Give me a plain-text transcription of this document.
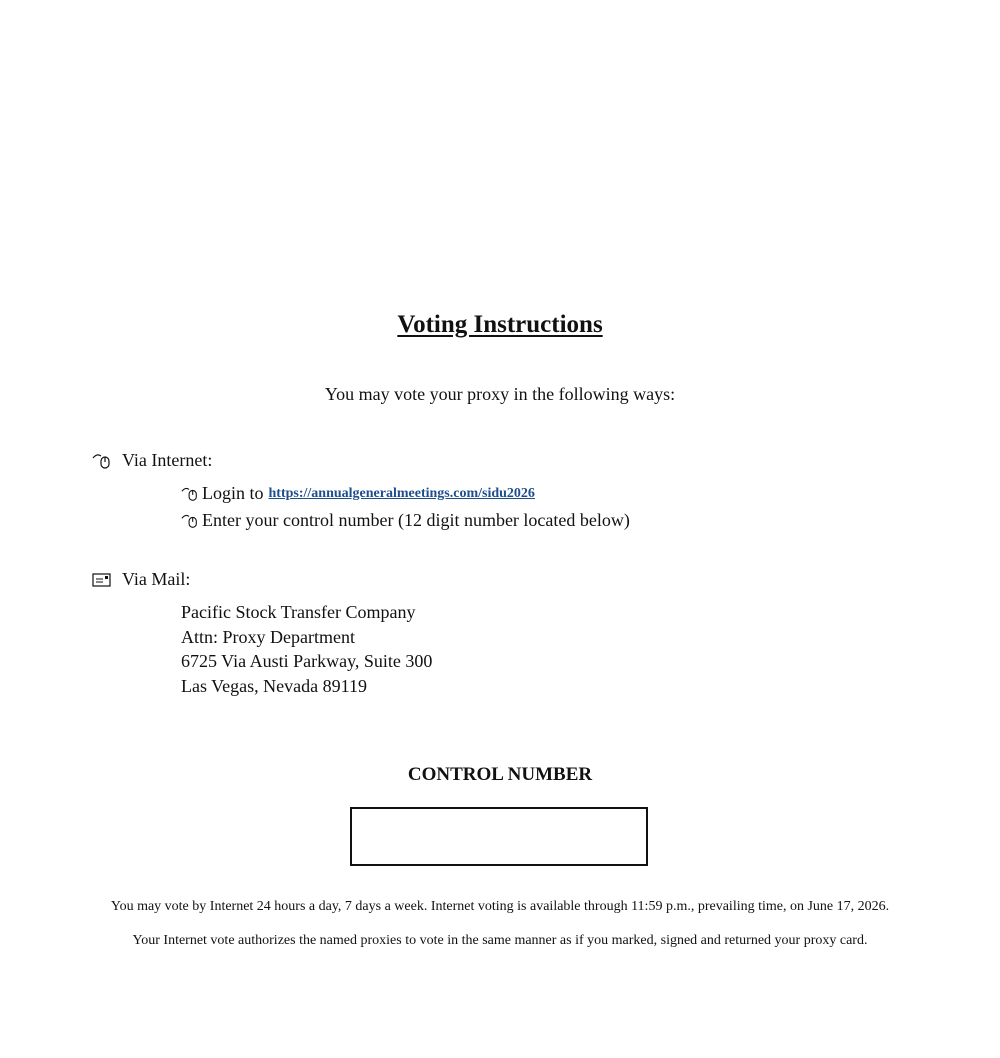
Voting Instructions
You may vote your proxy in the following ways:
Via Internet:
Login to https://annualgeneralmeetings.com/sidu2026
Enter your control number (12 digit number located below)
Via Mail:
Pacific Stock Transfer Company
Attn: Proxy Department
6725 Via Austi Parkway, Suite 300
Las Vegas, Nevada 89119
CONTROL NUMBER
You may vote by Internet 24 hours a day, 7 days a week. Internet voting is available through 11:59 p.m., prevailing time, on June 17, 2026.
Your Internet vote authorizes the named proxies to vote in the same manner as if you marked, signed and returned your proxy card.
